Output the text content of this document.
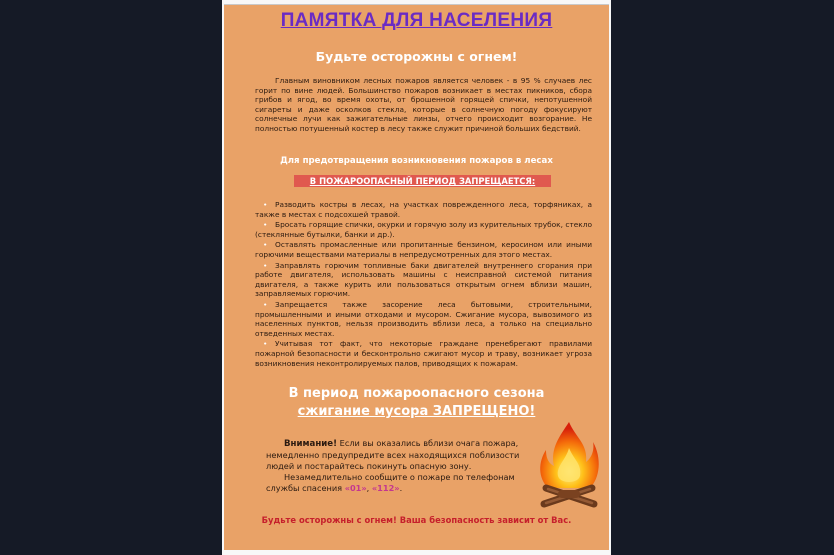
ПАМЯТКА ДЛЯ НАСЕЛЕНИЯ
Будьте осторожны с огнем!
Главным виновником лесных пожаров является человек - в 95 % случаев лес горит по вине людей. Большинство пожаров возникает в местах пикников, сбора грибов и ягод, во время охоты, от брошенной горящей спички, непотушенной сигареты и даже осколков стекла, которые в солнечную погоду фокусируют солнечные лучи как зажигательные линзы, отчего происходит возгорание. Не полностью потушенный костер в лесу также служит причиной больших бедствий.
Для предотвращения возникновения пожаров в лесах
В ПОЖАРООПАСНЫЙ ПЕРИОД ЗАПРЕЩАЕТСЯ:
• Разводить костры в лесах, на участках поврежденного леса, торфяниках, а также в местах с подсохшей травой.
• Бросать горящие спички, окурки и горячую золу из курительных трубок, стекло (стеклянные бутылки, банки и др.).
• Оставлять промасленные или пропитанные бензином, керосином или иными горючими веществами материалы в непредусмотренных для этого местах.
• Заправлять горючим топливные баки двигателей внутреннего сгорания при работе двигателя, использовать машины с неисправной системой питания двигателя, а также курить или пользоваться открытым огнем вблизи машин, заправляемых горючим.
• Запрещается также засорение леса бытовыми, строительными, промышленными и иными отходами и мусором. Сжигание мусора, вывозимого из населенных пунктов, нельзя производить вблизи леса, а только на специально отведенных местах.
• Учитывая тот факт, что некоторые граждане пренебрегают правилами пожарной безопасности и бесконтрольно сжигают мусор и траву, возникает угроза возникновения неконтролируемых палов, приводящих к пожарам.
В период пожароопасного сезона
сжигание мусора ЗАПРЕЩЕНО!
Внимание! Если вы оказались вблизи очага пожара, немедленно предупредите всех находящихся поблизости людей и постарайтесь покинуть опасную зону.
Незамедлительно сообщите о пожаре по телефонам службы спасения «01», «112».
Будьте осторожны с огнем! Ваша безопасность зависит от Вас.
